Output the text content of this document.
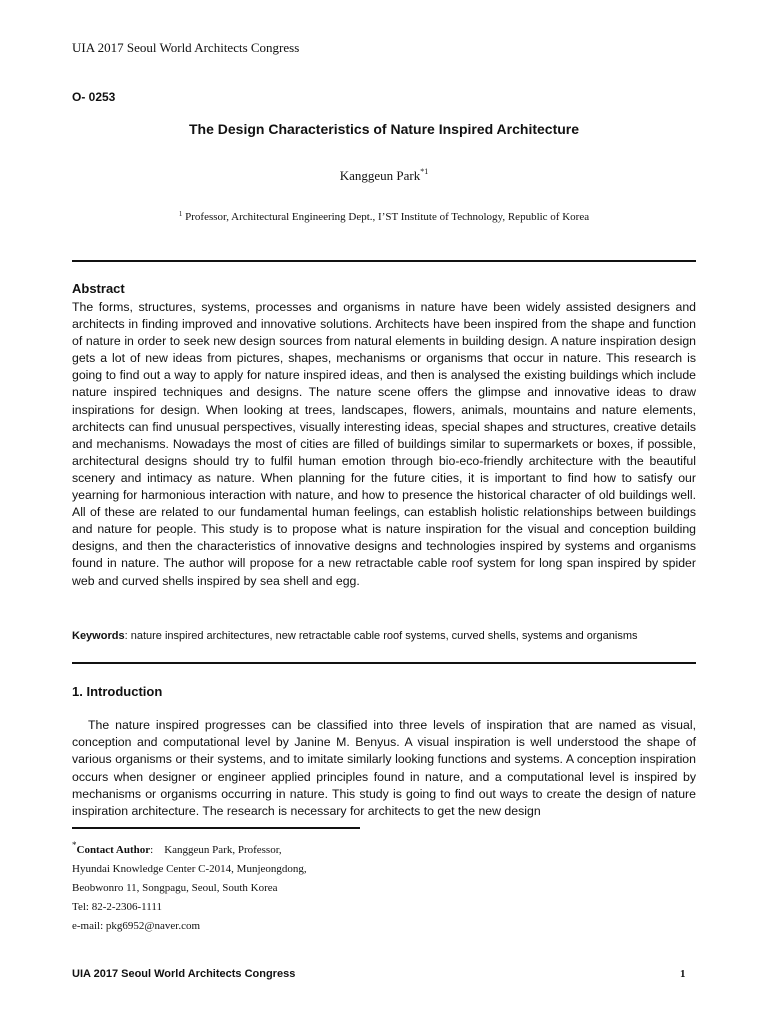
UIA 2017 Seoul World Architects Congress
O- 0253
The Design Characteristics of Nature Inspired Architecture
Kanggeun Park$^{*1}$
$^1$ Professor, Architectural Engineering Dept., I’ST Institute of Technology, Republic of Korea
Abstract

The forms, structures, systems, processes and organisms in nature have been widely assisted designers and architects in finding improved and innovative solutions. Architects have been inspired from the shape and function of nature in order to seek new design sources from natural elements in building design. A nature inspiration design gets a lot of new ideas from pictures, shapes, mechanisms or organisms that occur in nature. This research is going to find out a way to apply for nature inspired ideas, and then is analysed the existing buildings which include nature inspired techniques and designs. The nature scene offers the glimpse and innovative ideas to draw inspirations for design. When looking at trees, landscapes, flowers, animals, mountains and nature elements, architects can find unusual perspectives, visually interesting ideas, special shapes and structures, creative details and mechanisms. Nowadays the most of cities are filled of buildings similar to supermarkets or boxes, if possible, architectural designs should try to fulfil human emotion through bio-eco-friendly architecture with the beautiful scenery and intimacy as nature. When planning for the future cities, it is important to find how to satisfy our yearning for harmonious interaction with nature, and how to presence the historical character of old buildings well. All of these are related to our fundamental human feelings, can establish holistic relationships between buildings and nature for people. This study is to propose what is nature inspiration for the visual and conception building designs, and then the characteristics of innovative designs and technologies inspired by systems and organisms found in nature. The author will propose for a new retractable cable roof system for long span inspired by spider web and curved shells inspired by sea shell and egg.

Keywords: nature inspired architectures, new retractable cable roof systems, curved shells, systems and organisms
1. Introduction

The nature inspired progresses can be classified into three levels of inspiration that are named as visual, conception and computational level by Janine M. Benyus. A visual inspiration is well understood the shape of various organisms or their systems, and to imitate similarly looking functions and systems. A conception inspiration occurs when designer or engineer applied principles found in nature, and a computational level is inspired by mechanisms or organisms occurring in nature. This study is going to find out ways to create the design of nature inspiration architecture. The research is necessary for architects to get the new design

*Contact Author: Kanggeun Park, Professor,
Hyundai Knowledge Center C-2014, Munjeongdong,
Beobwonro 11, Songpagu, Seoul, South Korea
Tel: 82-2-2306-1111
e-mail: pkg6952@naver.com
UIA 2017 Seoul World Architects Congress	1
